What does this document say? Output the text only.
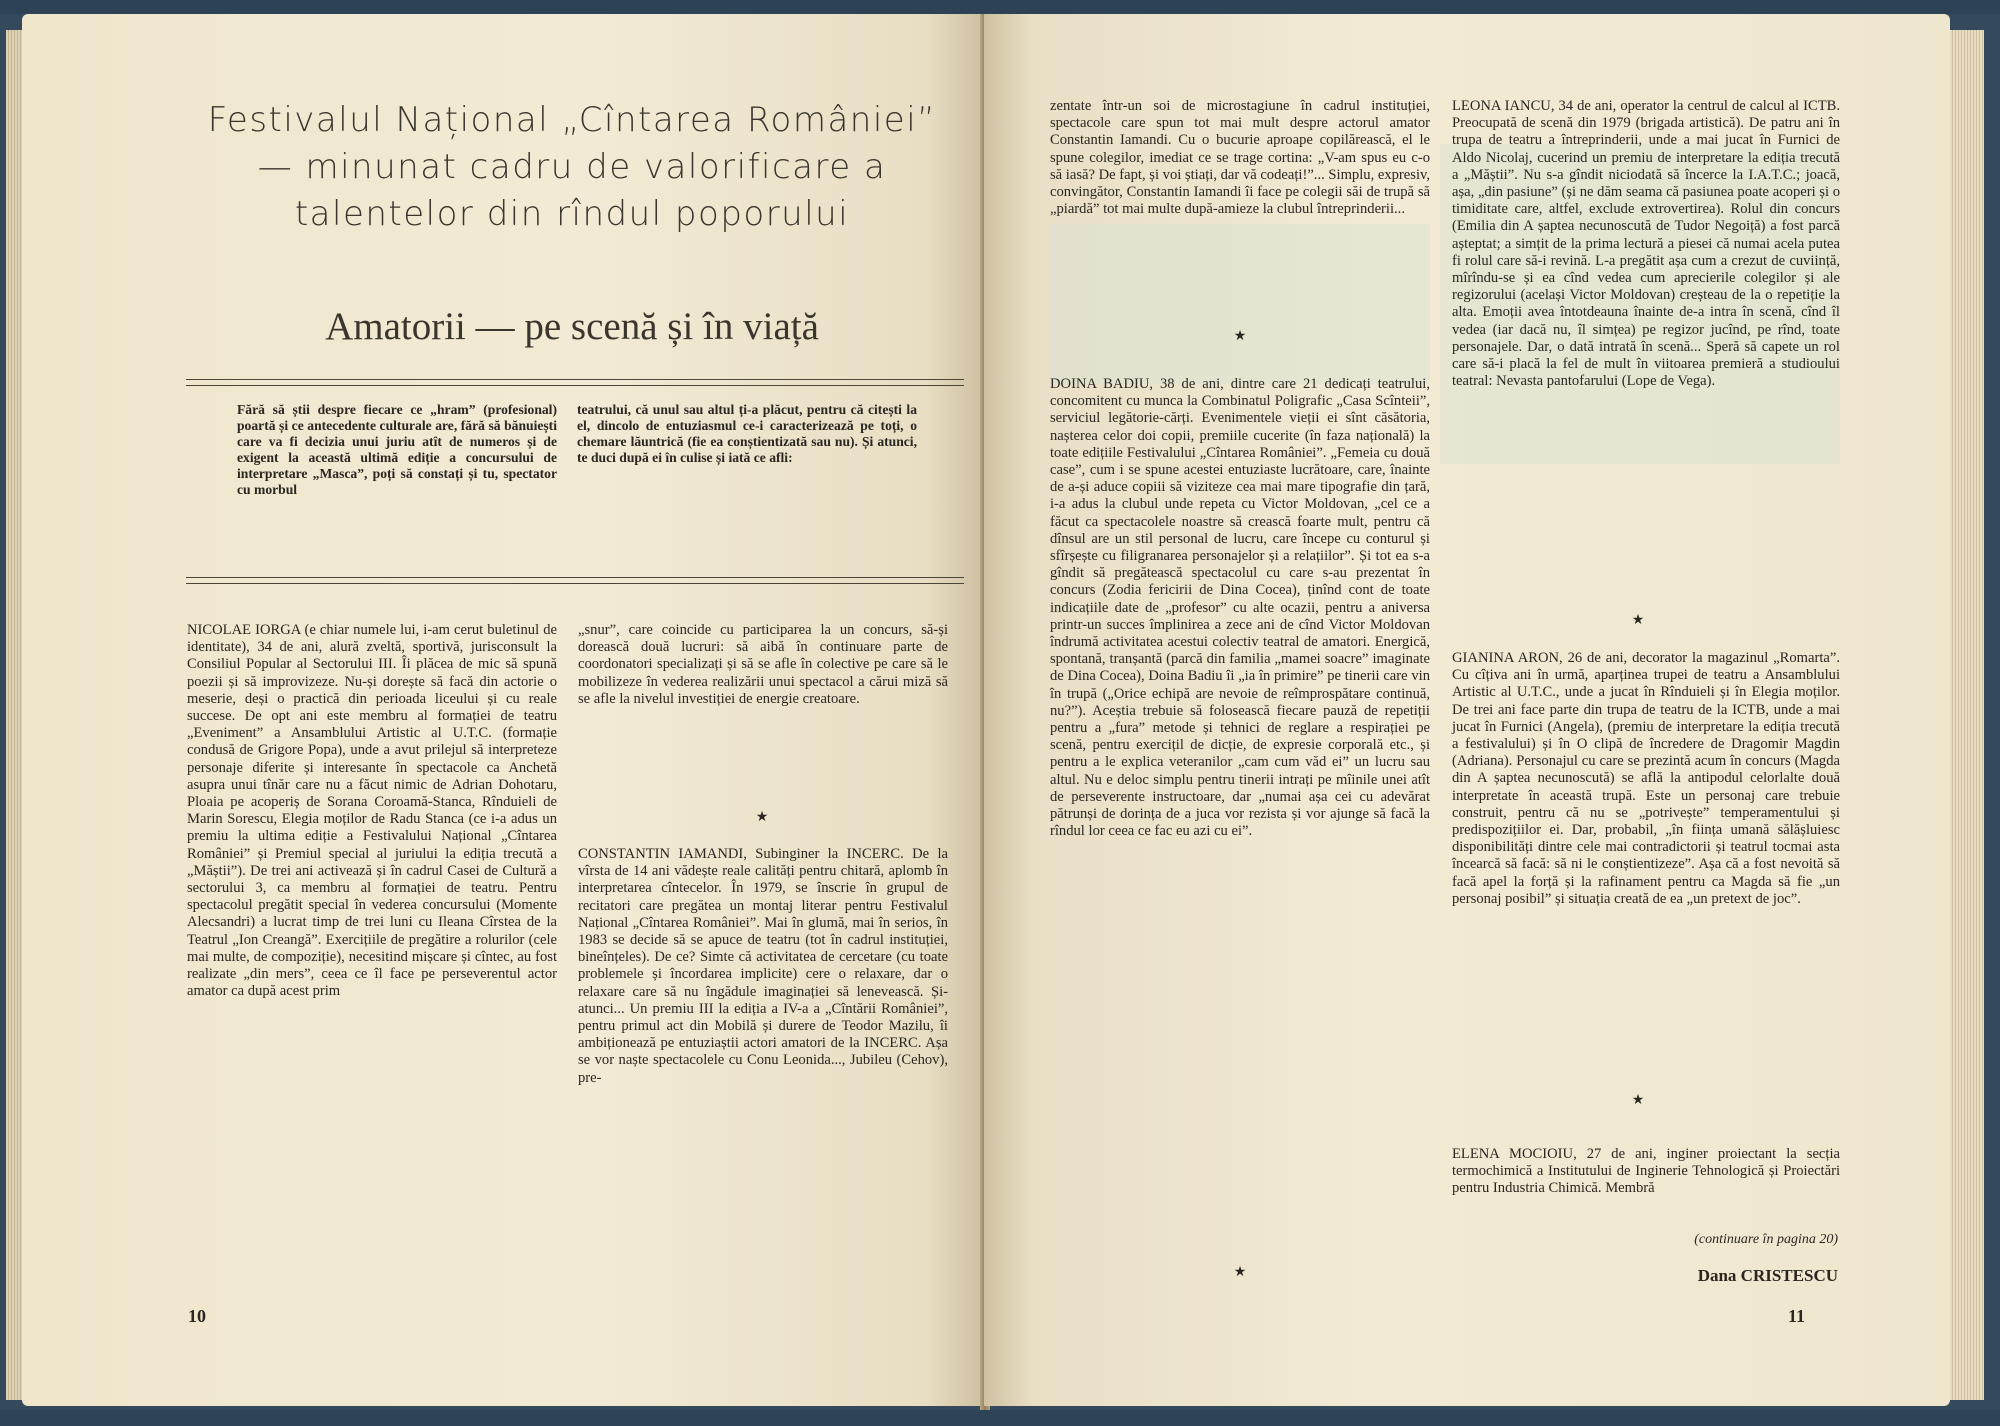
Festivalul Național „Cîntarea României”
— minunat cadru de valorificare a
talentelor din rîndul poporului
Amatorii — pe scenă și în viață
Fără să știi despre fiecare ce „hram” (profesional) poartă și ce antecedente culturale are, fără să bănuiești care va fi decizia unui juriu atît de numeros și de exigent la această ultimă ediție a concursului de interpretare „Masca”, poți să constați și tu, spectator cu morbul
teatrului, că unul sau altul ți-a plăcut, pentru că citești la el, dincolo de entuziasmul ce-i caracterizează pe toți, o chemare lăuntrică (fie ea conștientizată sau nu). Și atunci, te duci după ei în culise și iată ce afli:
NICOLAE IORGA (e chiar numele lui, i-am cerut buletinul de identitate), 34 de ani, alură zveltă, sportivă, jurisconsult la Consiliul Popular al Sectorului III. Îi plăcea de mic să spună poezii și să improvizeze. Nu-și dorește să facă din actorie o meserie, deși o practică din perioada liceului și cu reale succese. De opt ani este membru al formației de teatru „Eveniment” a Ansamblului Artistic al U.T.C. (formație condusă de Grigore Popa), unde a avut prilejul să interpreteze personaje diferite și interesante în spectacole ca Anchetă asupra unui tînăr care nu a făcut nimic de Adrian Dohotaru, Ploaia pe acoperiș de Sorana Coroamă-Stanca, Rînduieli de Marin Sorescu, Elegia moților de Radu Stanca (ce i-a adus un premiu la ultima ediție a Festivalului Național „Cîntarea României” și Premiul special al juriului la ediția trecută a „Măștii”). De trei ani activează și în cadrul Casei de Cultură a sectorului 3, ca membru al formației de teatru. Pentru spectacolul pregătit special în vederea concursului (Momente Alecsandri) a lucrat timp de trei luni cu Ileana Cîrstea de la Teatrul „Ion Creangă”. Exercițiile de pregătire a rolurilor (cele mai multe, de compoziție), necesitind mișcare și cîntec, au fost realizate „din mers”, ceea ce îl face pe perseverentul actor amator ca după acest prim
„snur”, care coincide cu participarea la un concurs, să-și dorească două lucruri: să aibă în continuare parte de coordonatori specializați și să se afle în colective pe care să le mobilizeze în vederea realizării unui spectacol a cărui miză să se afle la nivelul investiției de energie creatoare.
★
CONSTANTIN IAMANDI, Subinginer la INCERC. De la vîrsta de 14 ani vădește reale calități pentru chitară, aplomb în interpretarea cîntecelor. În 1979, se înscrie în grupul de recitatori care pregătea un montaj literar pentru Festivalul Național „Cîntarea României”. Mai în glumă, mai în serios, în 1983 se decide să se apuce de teatru (tot în cadrul instituției, bineînțeles). De ce? Simte că activitatea de cercetare (cu toate problemele și încordarea implicite) cere o relaxare, dar o relaxare care să nu îngădule imaginației să lenevească. Și-atunci... Un premiu III la ediția a IV-a a „Cîntării României”, pentru primul act din Mobilă și durere de Teodor Mazilu, îi ambiționează pe entuziaștii actori amatori de la INCERC. Așa se vor naște spectacolele cu Conu Leonida..., Jubileu (Cehov), pre-
10
zentate într-un soi de microstagiune în cadrul instituției, spectacole care spun tot mai mult despre actorul amator Constantin Iamandi. Cu o bucurie aproape copilărească, el le spune colegilor, imediat ce se trage cortina: „V-am spus eu c-o să iasă? De fapt, și voi știați, dar vă codeați!”... Simplu, expresiv, convingător, Constantin Iamandi îi face pe colegii săi de trupă să „piardă” tot mai multe după-amieze la clubul întreprinderii...
★
DOINA BADIU, 38 de ani, dintre care 21 dedicați teatrului, concomitent cu munca la Combinatul Poligrafic „Casa Scînteii”, serviciul legătorie-cărți. Evenimentele vieții ei sînt căsătoria, nașterea celor doi copii, premiile cucerite (în faza națională) la toate edițiile Festivalului „Cîntarea României”. „Femeia cu două case”, cum i se spune acestei entuziaste lucrătoare, care, înainte de a-și aduce copiii să viziteze cea mai mare tipografie din țară, i-a adus la clubul unde repeta cu Victor Moldovan, „cel ce a făcut ca spectacolele noastre să crească foarte mult, pentru că dînsul are un stil personal de lucru, care începe cu conturul și sfîrșește cu filigranarea personajelor și a relațiilor”. Și tot ea s-a gîndit să pregătească spectacolul cu care s-au prezentat în concurs (Zodia fericirii de Dina Cocea), ținînd cont de toate indicațiile date de „profesor” cu alte ocazii, pentru a aniversa printr-un succes împlinirea a zece ani de cînd Victor Moldovan îndrumă activitatea acestui colectiv teatral de amatori. Energică, spontană, tranșantă (parcă din familia „mamei soacre” imaginate de Dina Cocea), Doina Badiu îi „ia în primire” pe tinerii care vin în trupă („Orice echipă are nevoie de reîmprospătare continuă, nu?”). Aceștia trebuie să folosească fiecare pauză de repetiții pentru a „fura” metode și tehnici de reglare a respirației pe scenă, pentru exercițil de dicție, de expresie corporală etc., și pentru a le explica veteranilor „cam cum văd ei” un lucru sau altul. Nu e deloc simplu pentru tinerii intrați pe mîinile unei atît de perseverente instructoare, dar „numai așa cei cu adevărat pătrunși de dorința de a juca vor rezista și vor ajunge să facă la rîndul lor ceea ce fac eu azi cu ei”.
★
LEONA IANCU, 34 de ani, operator la centrul de calcul al ICTB. Preocupată de scenă din 1979 (brigada artistică). De patru ani în trupa de teatru a întreprinderii, unde a mai jucat în Furnici de Aldo Nicolaj, cucerind un premiu de interpretare la ediția trecută a „Măștii”. Nu s-a gîndit niciodată să încerce la I.A.T.C.; joacă, așa, „din pasiune” (și ne dăm seama că pasiunea poate acoperi și o timiditate care, altfel, exclude extrovertirea). Rolul din concurs (Emilia din A șaptea necunoscută de Tudor Negoiță) a fost parcă așteptat; a simțit de la prima lectură a piesei că numai acela putea fi rolul care să-i revină. L-a pregătit așa cum a crezut de cuviință, mîrîndu-se și ea cînd vedea cum aprecierile colegilor și ale regizorului (același Victor Moldovan) creșteau de la o repetiție la alta. Emoții avea întotdeauna înainte de-a intra în scenă, cînd îl vedea (iar dacă nu, îl simțea) pe regizor jucînd, pe rînd, toate personajele. Dar, o dată intrată în scenă... Speră să capete un rol care să-i placă la fel de mult în viitoarea premieră a studioului teatral: Nevasta pantofarului (Lope de Vega).
★
GIANINA ARON, 26 de ani, decorator la magazinul „Romarta”. Cu cîțiva ani în urmă, aparținea trupei de teatru a Ansamblului Artistic al U.T.C., unde a jucat în Rînduieli și în Elegia moților. De trei ani face parte din trupa de teatru de la ICTB, unde a mai jucat în Furnici (Angela), (premiu de interpretare la ediția trecută a festivalului) și în O clipă de încredere de Dragomir Magdin (Adriana). Personajul cu care se prezintă acum în concurs (Magda din A șaptea necunoscută) se află la antipodul celorlalte două interpretate în această trupă. Este un personaj care trebuie construit, pentru că nu se „potrivește” temperamentului și predispozițiilor ei. Dar, probabil, „în ființa umană sălășluiesc disponibilități dintre cele mai contradictorii și teatrul tocmai asta încearcă să facă: să ni le conștientizeze”. Așa că a fost nevoită să facă apel la forță și la rafinament pentru ca Magda să fie „un personaj posibil” și situația creată de ea „un pretext de joc”.
★
ELENA MOCIOIU, 27 de ani, inginer proiectant la secția termochimică a Institutului de Inginerie Tehnologică și Proiectări pentru Industria Chimică. Membră
(continuare în pagina 20)
Dana CRISTESCU
11
